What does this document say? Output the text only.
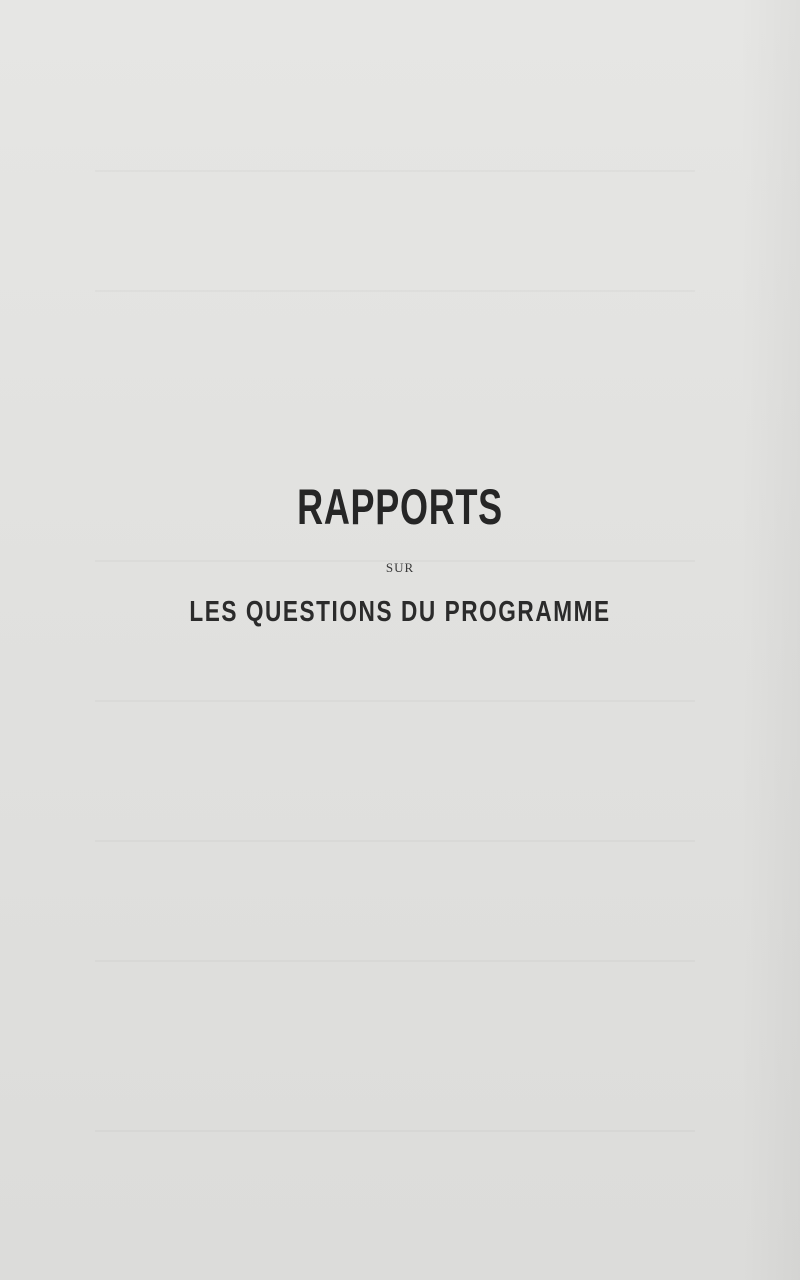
RAPPORTS
SUR
LES QUESTIONS DU PROGRAMME
